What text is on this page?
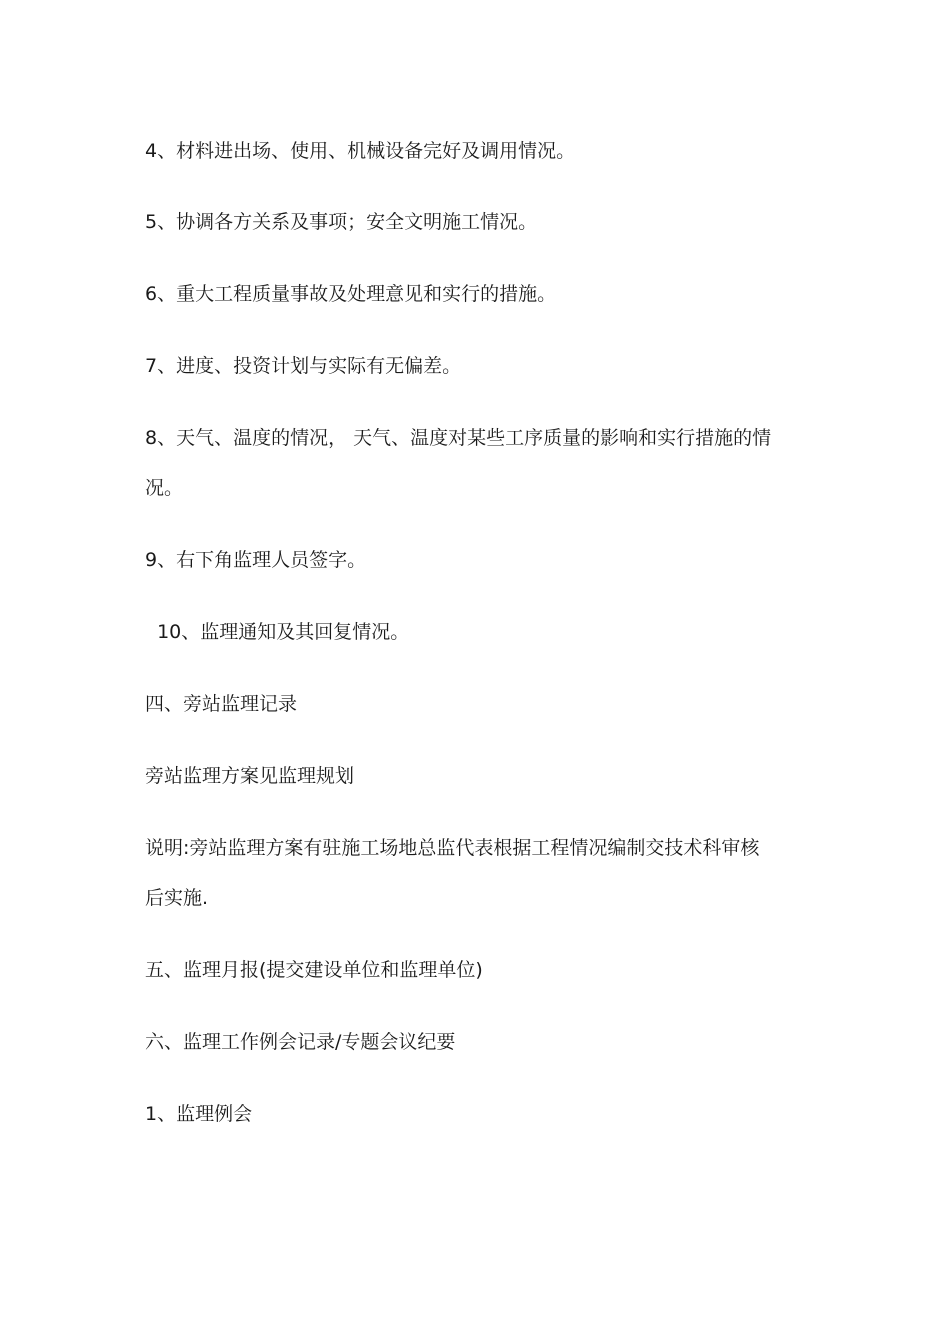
4、材料进出场、使用、机械设备完好及调用情况。
5、协调各方关系及事项；安全文明施工情况。
6、重大工程质量事故及处理意见和实行的措施。
7、进度、投资计划与实际有无偏差。
8、天气、温度的情况， 天气、温度对某些工序质量的影响和实行措施的情
况。
9、右下角监理人员签字。
10、监理通知及其回复情况。
四、旁站监理记录
旁站监理方案见监理规划
说明:旁站监理方案有驻施工场地总监代表根据工程情况编制交技术科审核
后实施.
五、监理月报(提交建设单位和监理单位)
六、监理工作例会记录/专题会议纪要
1、监理例会
